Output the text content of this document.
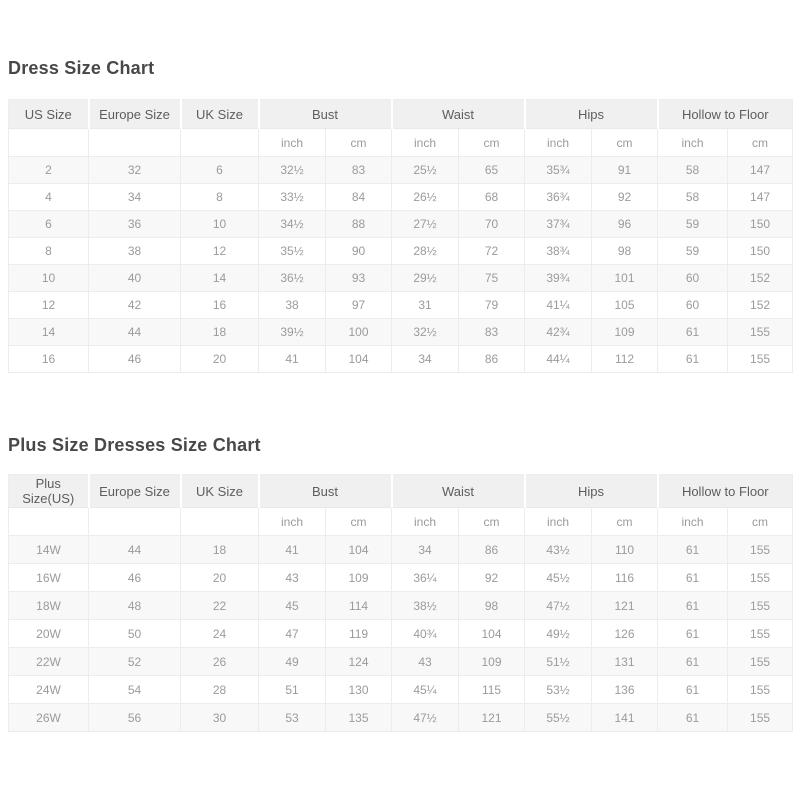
Dress Size Chart
US Size	Europe Size	UK Size	Bust		Waist		Hips		Hollow to Floor	
			inch	cm	inch	cm	inch	cm	inch	cm
2	32	6	32½	83	25½	65	35¾	91	58	147
4	34	8	33½	84	26½	68	36¾	92	58	147
6	36	10	34½	88	27½	70	37¾	96	59	150
8	38	12	35½	90	28½	72	38¾	98	59	150
10	40	14	36½	93	29½	75	39¾	101	60	152
12	42	16	38	97	31	79	41¼	105	60	152
14	44	18	39½	100	32½	83	42¾	109	61	155
16	46	20	41	104	34	86	44¼	112	61	155
Plus Size Dresses Size Chart
Plus Size(US)	Europe Size	UK Size	Bust		Waist		Hips		Hollow to Floor	
			inch	cm	inch	cm	inch	cm	inch	cm
14W	44	18	41	104	34	86	43½	110	61	155
16W	46	20	43	109	36¼	92	45½	116	61	155
18W	48	22	45	114	38½	98	47½	121	61	155
20W	50	24	47	119	40¾	104	49½	126	61	155
22W	52	26	49	124	43	109	51½	131	61	155
24W	54	28	51	130	45¼	115	53½	136	61	155
26W	56	30	53	135	47½	121	55½	141	61	155
